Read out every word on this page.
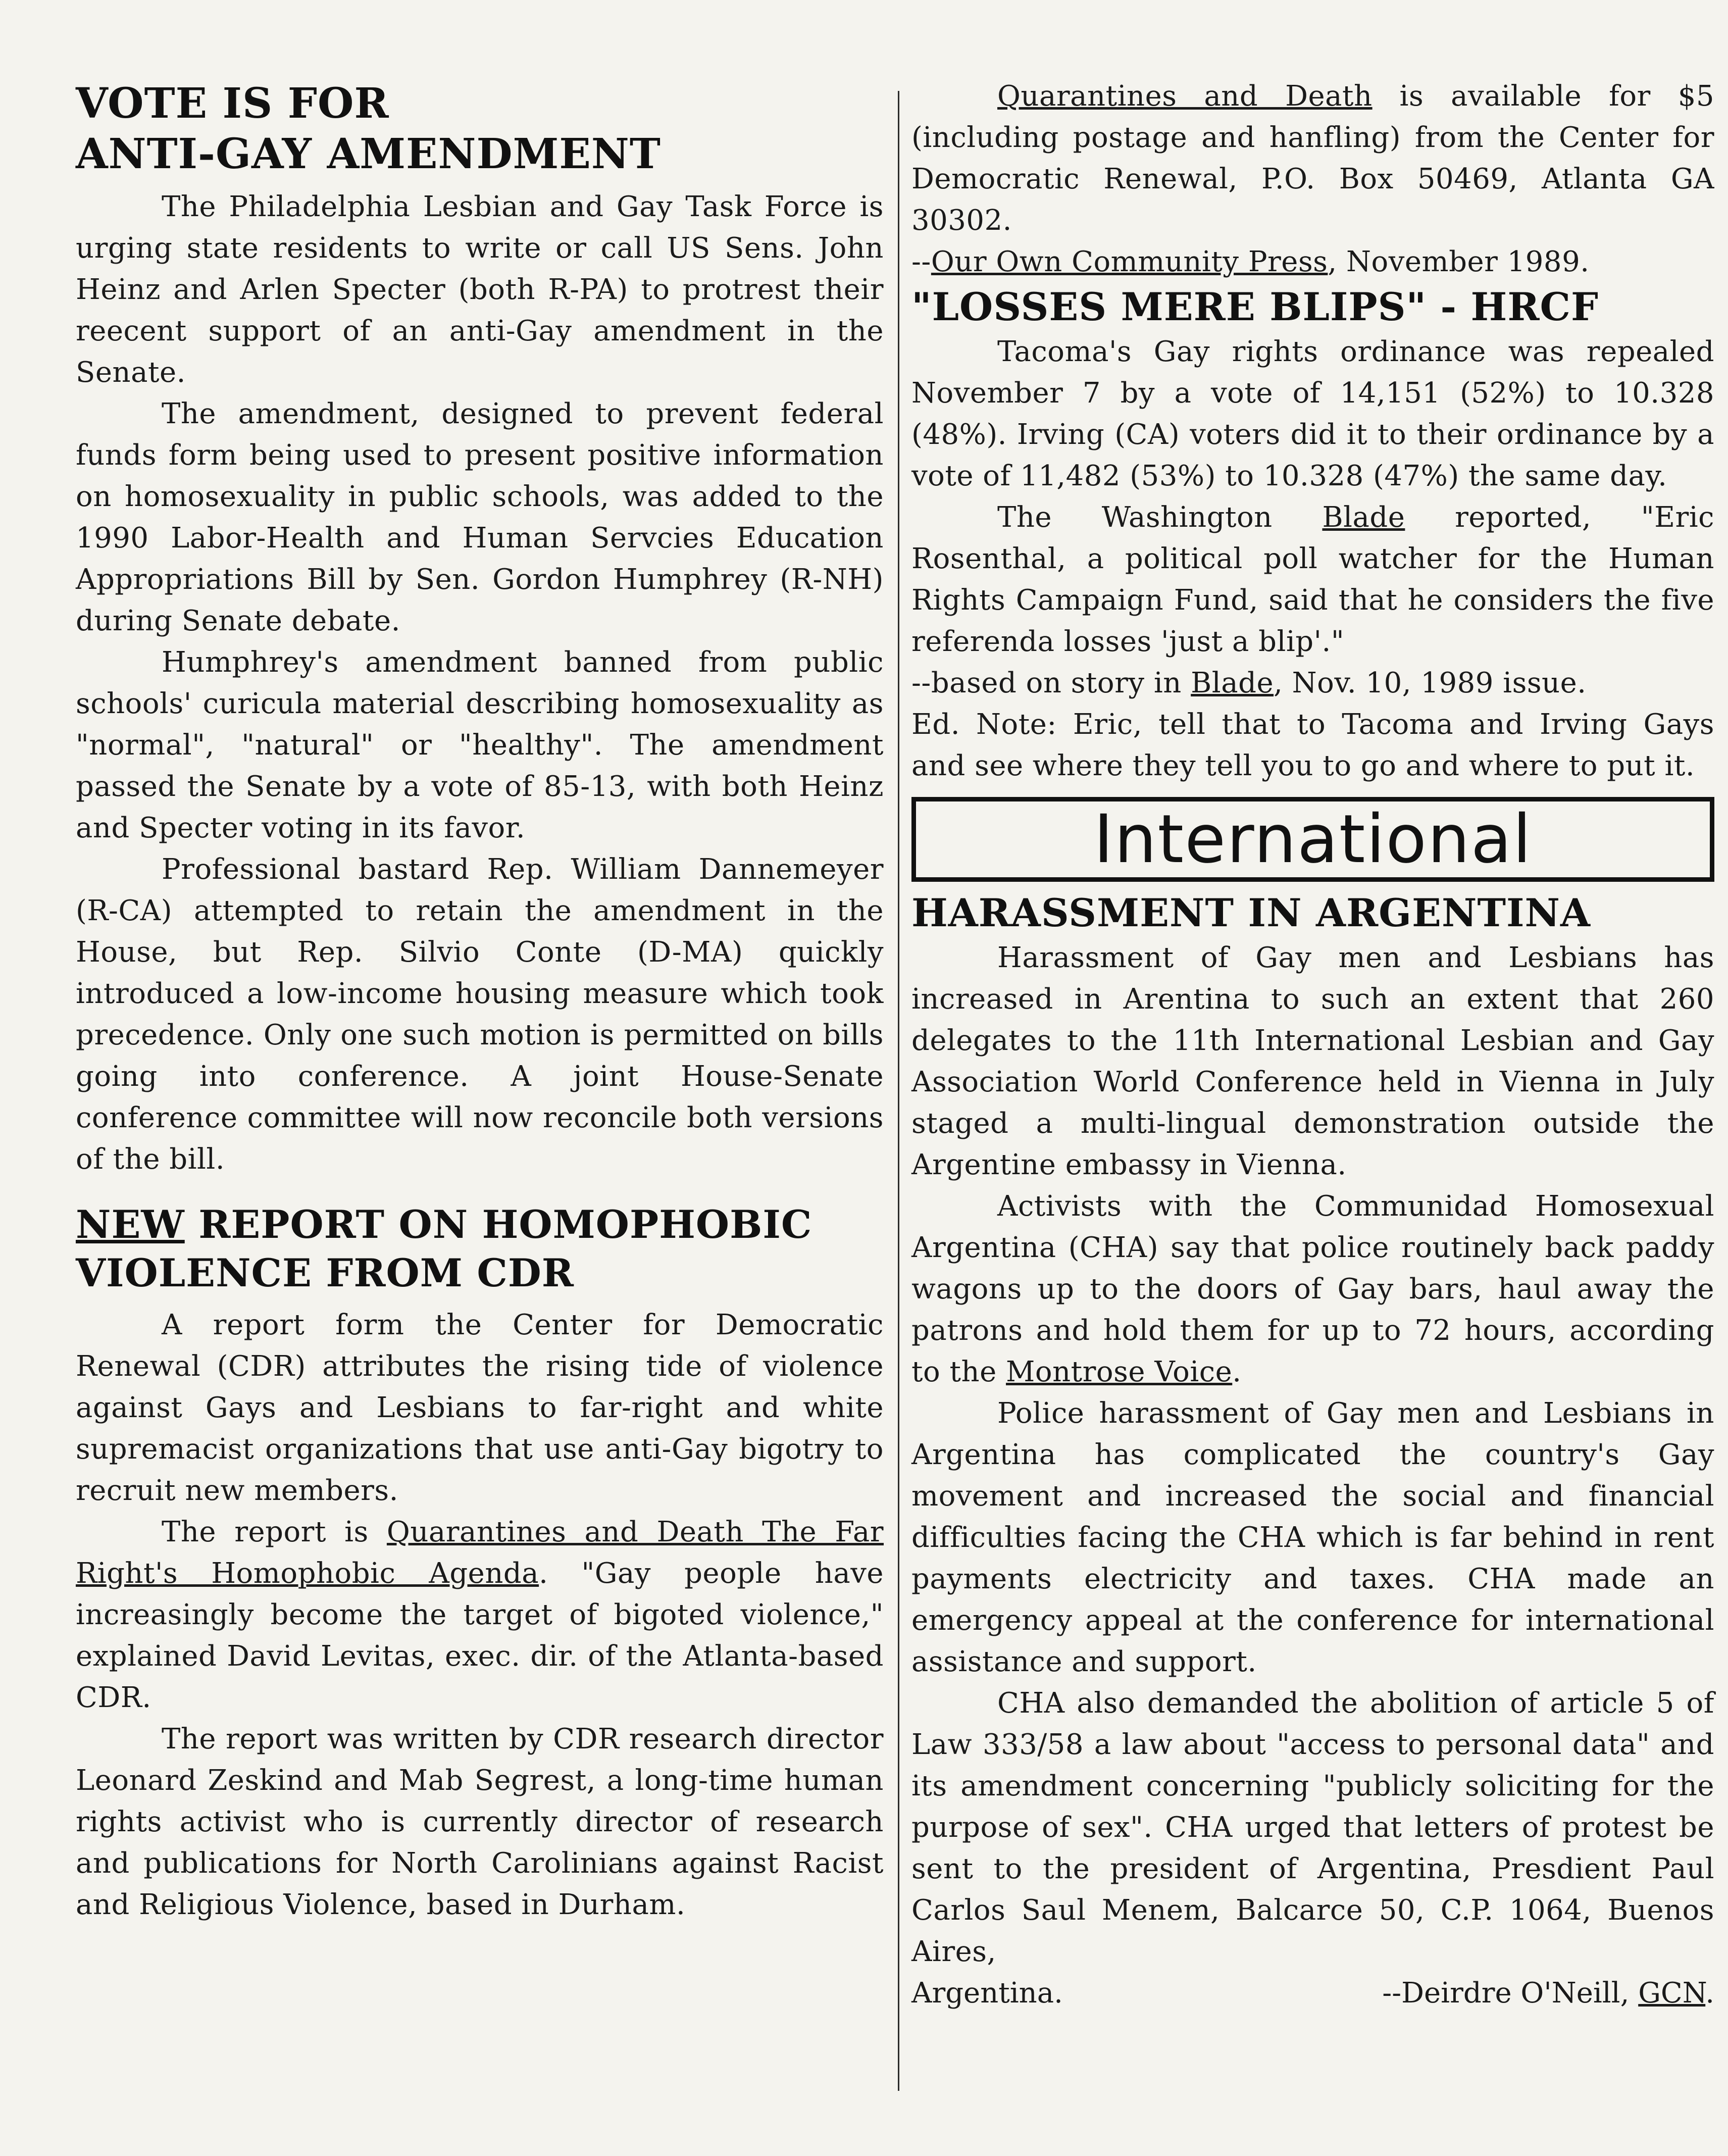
VOTE IS FOR
ANTI-GAY AMENDMENT

The Philadelphia Lesbian and Gay Task Force is urging state residents to write or call US Sens. John Heinz and Arlen Specter (both R-PA) to protrest their reecent support of an anti-Gay amendment in the Senate.

The amendment, designed to prevent federal funds form being used to present positive information on homosexuality in public schools, was added to the 1990 Labor-Health and Human Servcies Education Appropriations Bill by Sen. Gordon Humphrey (R-NH) during Senate debate.

Humphrey's amendment banned from public schools' curicula material describing homosexuality as "normal", "natural" or "healthy". The amendment passed the Senate by a vote of 85-13, with both Heinz and Specter voting in its favor.

Professional bastard Rep. William Dannemeyer (R-CA) attempted to retain the amendment in the House, but Rep. Silvio Conte (D-MA) quickly introduced a low-income housing measure which took precedence. Only one such motion is permitted on bills going into conference. A joint House-Senate conference committee will now reconcile both versions of the bill.

NEW REPORT ON HOMOPHOBIC
VIOLENCE FROM CDR

A report form the Center for Democratic Renewal (CDR) attributes the rising tide of violence against Gays and Lesbians to far-right and white supremacist organizations that use anti-Gay bigotry to recruit new members.

The report is Quarantines and Death The Far Right's Homophobic Agenda. "Gay people have increasingly become the target of bigoted violence," explained David Levitas, exec. dir. of the Atlanta-based CDR.

The report was written by CDR research director Leonard Zeskind and Mab Segrest, a long-time human rights activist who is currently director of research and publications for North Carolinians against Racist and Religious Violence, based in Durham.

Quarantines and Death is available for $5 (including postage and hanfling) from the Center for Democratic Renewal, P.O. Box 50469, Atlanta GA 30302.

--Our Own Community Press, November 1989.

"LOSSES MERE BLIPS" - HRCF

Tacoma's Gay rights ordinance was repealed November 7 by a vote of 14,151 (52%) to 10.328 (48%). Irving (CA) voters did it to their ordinance by a vote of 11,482 (53%) to 10.328 (47%) the same day.

The Washington Blade reported, "Eric Rosenthal, a political poll watcher for the Human Rights Campaign Fund, said that he considers the five referenda losses 'just a blip'."

--based on story in Blade, Nov. 10, 1989 issue.

Ed. Note: Eric, tell that to Tacoma and Irving Gays and see where they tell you to go and where to put it.

International
HARASSMENT IN ARGENTINA

Harassment of Gay men and Lesbians has increased in Arentina to such an extent that 260 delegates to the 11th International Lesbian and Gay Association World Conference held in Vienna in July staged a multi-lingual demonstration outside the Argentine embassy in Vienna.

Activists with the Communidad Homosexual Argentina (CHA) say that police routinely back paddy wagons up to the doors of Gay bars, haul away the patrons and hold them for up to 72 hours, according to the Montrose Voice.

Police harassment of Gay men and Lesbians in Argentina has complicated the country's Gay movement and increased the social and financial difficulties facing the CHA which is far behind in rent payments electricity and taxes. CHA made an emergency appeal at the conference for international assistance and support.

CHA also demanded the abolition of article 5 of Law 333/58 a law about "access to personal data" and its amendment concerning "publicly soliciting for the purpose of sex". CHA urged that letters of protest be sent to the president of Argentina, Presdient Paul Carlos Saul Menem, Balcarce 50, C.P. 1064, Buenos Aires,

Argentina.	--Deirdre O'Neill, GCN.
